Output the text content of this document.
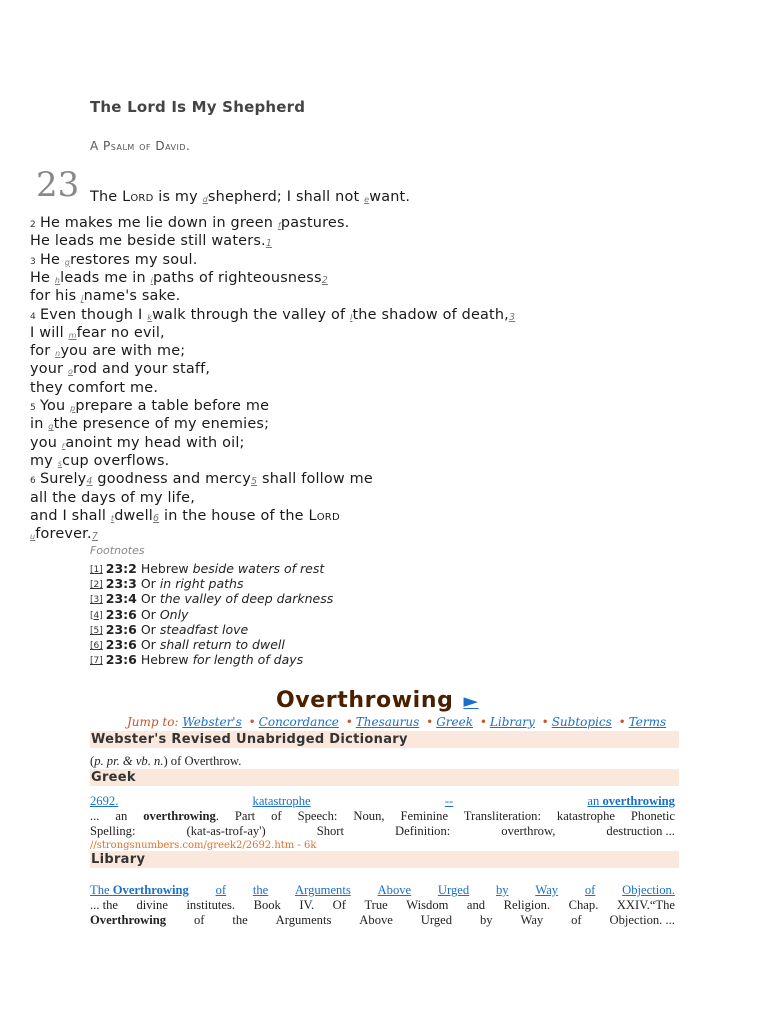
The Lord Is My Shepherd
A Psalm of David.
23 The Lord is my dshepherd; I shall not ewant.
2 He makes me lie down in green fpastures.
He leads me beside still waters.1
3 He grestores my soul.
He hleads me in ipaths of righteousness2
for his jname's sake.
4 Even though I kwalk through the valley of lthe shadow of death,3
I will mfear no evil,
for nyou are with me;
your orod and your staff,
they comfort me.
5 You pprepare a table before me
in qthe presence of my enemies;
you ranoint my head with oil;
my scup overflows.
6 Surely4 goodness and mercy5 shall follow me
all the days of my life,
and I shall tdwell6 in the house of the Lord
uforever.7
Footnotes
[1] 23:2 Hebrew beside waters of rest
[2] 23:3 Or in right paths
[3] 23:4 Or the valley of deep darkness
[4] 23:6 Or Only
[5] 23:6 Or steadfast love
[6] 23:6 Or shall return to dwell
[7] 23:6 Hebrew for length of days
Overthrowing ►
Jump to: Webster's • Concordance • Thesaurus • Greek • Library • Subtopics • Terms
Webster's Revised Unabridged Dictionary
(p. pr. & vb. n.) of Overthrow.
Greek
2692.	katastrophe	--	an overthrowing
... an overthrowing. Part of Speech: Noun, Feminine Transliteration: katastrophe Phonetic
Spelling:	(kat-as-trof-ay')	Short	Definition:	overthrow,	destruction ...
//strongsnumbers.com/greek2/2692.htm - 6k
Library
The Overthrowing of the Arguments Above Urged by Way of Objection.
... the divine institutes. Book IV. Of True Wisdom and Religion. Chap. XXIV.“The
Overthrowing of the Arguments Above Urged by Way of Objection. ...
